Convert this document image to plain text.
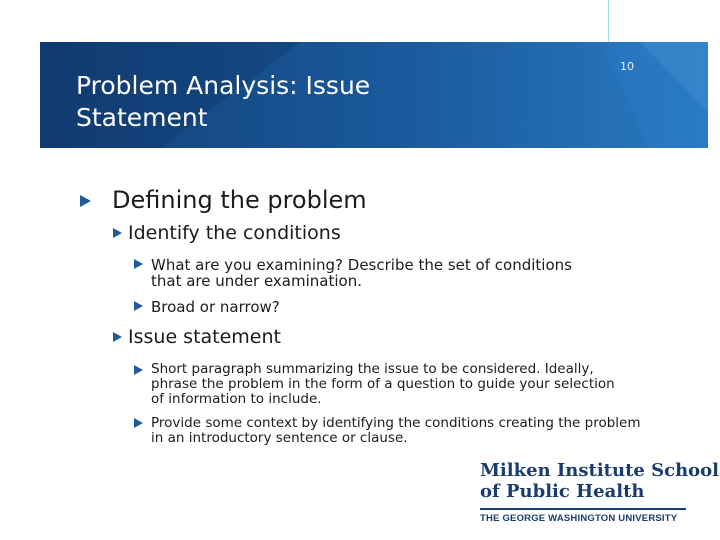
10
Problem Analysis: Issue Statement
Defining the problem
Identify the conditions
What are you examining? Describe the set of conditions that are under examination.
Broad or narrow?
Issue statement
Short paragraph summarizing the issue to be considered. Ideally, phrase the problem in the form of a question to guide your selection of information to include.
Provide some context by identifying the conditions creating the problem in an introductory sentence or clause.
Milken Institute School
of Public Health
THE GEORGE WASHINGTON UNIVERSITY
